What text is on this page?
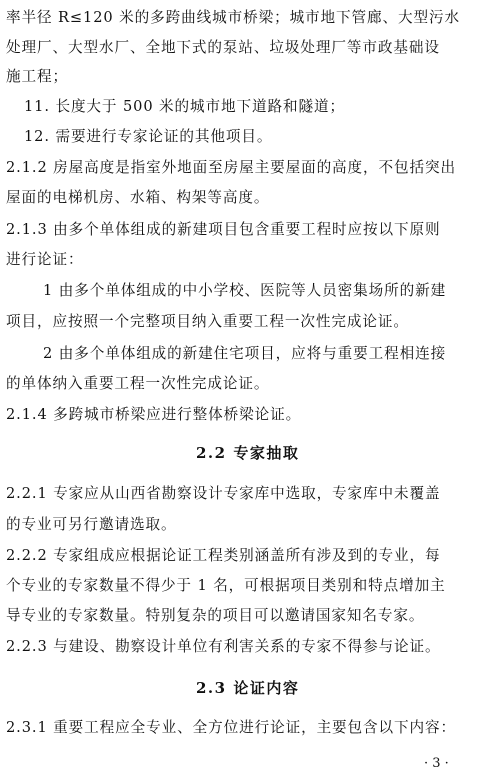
率半径 R≤120 米的多跨曲线城市桥梁；城市地下管廊、大型污水
处理厂、大型水厂、全地下式的泵站、垃圾处理厂等市政基础设
施工程；
11. 长度大于 500 米的城市地下道路和隧道；
12. 需要进行专家论证的其他项目。
2.1.2 房屋高度是指室外地面至房屋主要屋面的高度，不包括突出
屋面的电梯机房、水箱、构架等高度。
2.1.3 由多个单体组成的新建项目包含重要工程时应按以下原则
进行论证：
1 由多个单体组成的中小学校、医院等人员密集场所的新建
项目，应按照一个完整项目纳入重要工程一次性完成论证。
2 由多个单体组成的新建住宅项目，应将与重要工程相连接
的单体纳入重要工程一次性完成论证。
2.1.4 多跨城市桥梁应进行整体桥梁论证。
2.2 专家抽取
2.2.1 专家应从山西省勘察设计专家库中选取，专家库中未覆盖
的专业可另行邀请选取。
2.2.2 专家组成应根据论证工程类别涵盖所有涉及到的专业，每
个专业的专家数量不得少于 1 名，可根据项目类别和特点增加主
导专业的专家数量。特别复杂的项目可以邀请国家知名专家。
2.2.3 与建设、勘察设计单位有利害关系的专家不得参与论证。
2.3 论证内容
2.3.1 重要工程应全专业、全方位进行论证，主要包含以下内容：
· 3 ·
